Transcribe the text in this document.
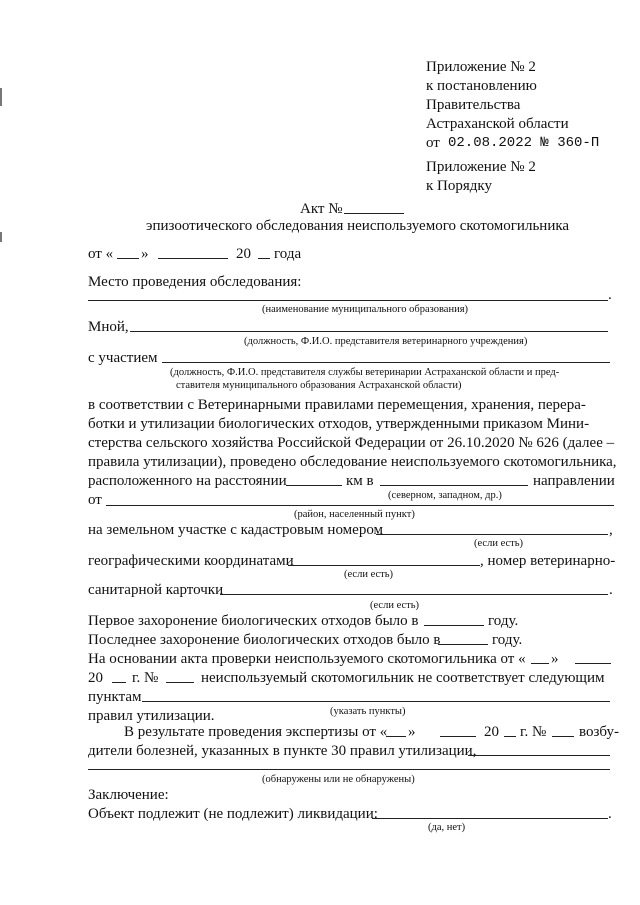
Приложение № 2
к постановлению
Правительства
Астраханской области
от 02.08.2022 № 360-П
Приложение № 2
к Порядку
Акт №
эпизоотического обследования неиспользуемого скотомогильника
от « »	20 года
Место проведения обследования:
.
(наименование муниципального образования)
Мной,
(должность, Ф.И.О. представителя ветеринарного учреждения)
с участием
(должность, Ф.И.О. представителя службы ветеринарии Астраханской области и пред-
ставителя муниципального образования Астраханской области)
в соответствии с Ветеринарными правилами перемещения, хранения, перера-
ботки и утилизации биологических отходов, утвержденными приказом Мини-
стерства сельского хозяйства Российской Федерации от 26.10.2020 № 626 (далее –
правила утилизации), проведено обследование неиспользуемого скотомогильника,
расположенного на расстоянии	км в	направлении
(северном, западном, др.)
от
(район, населенный пункт)
на земельном участке с кадастровым номером	,
(если есть)
географическими координатами	, номер ветеринарно-
(если есть)
санитарной карточки	.
(если есть)
Первое захоронение биологических отходов было в	году.
Последнее захоронение биологических отходов было в	году.
На основании акта проверки неиспользуемого скотомогильника от « »
20 г. №	неиспользуемый скотомогильник не соответствует следующим
пунктам
(указать пункты)
правил утилизации.
В результате проведения экспертизы от « »	20 г. № возбу-
дители болезней, указанных в пункте 30 правил утилизации,
(обнаружены или не обнаружены)
Заключение:
Объект подлежит (не подлежит) ликвидации:	.
(да, нет)
